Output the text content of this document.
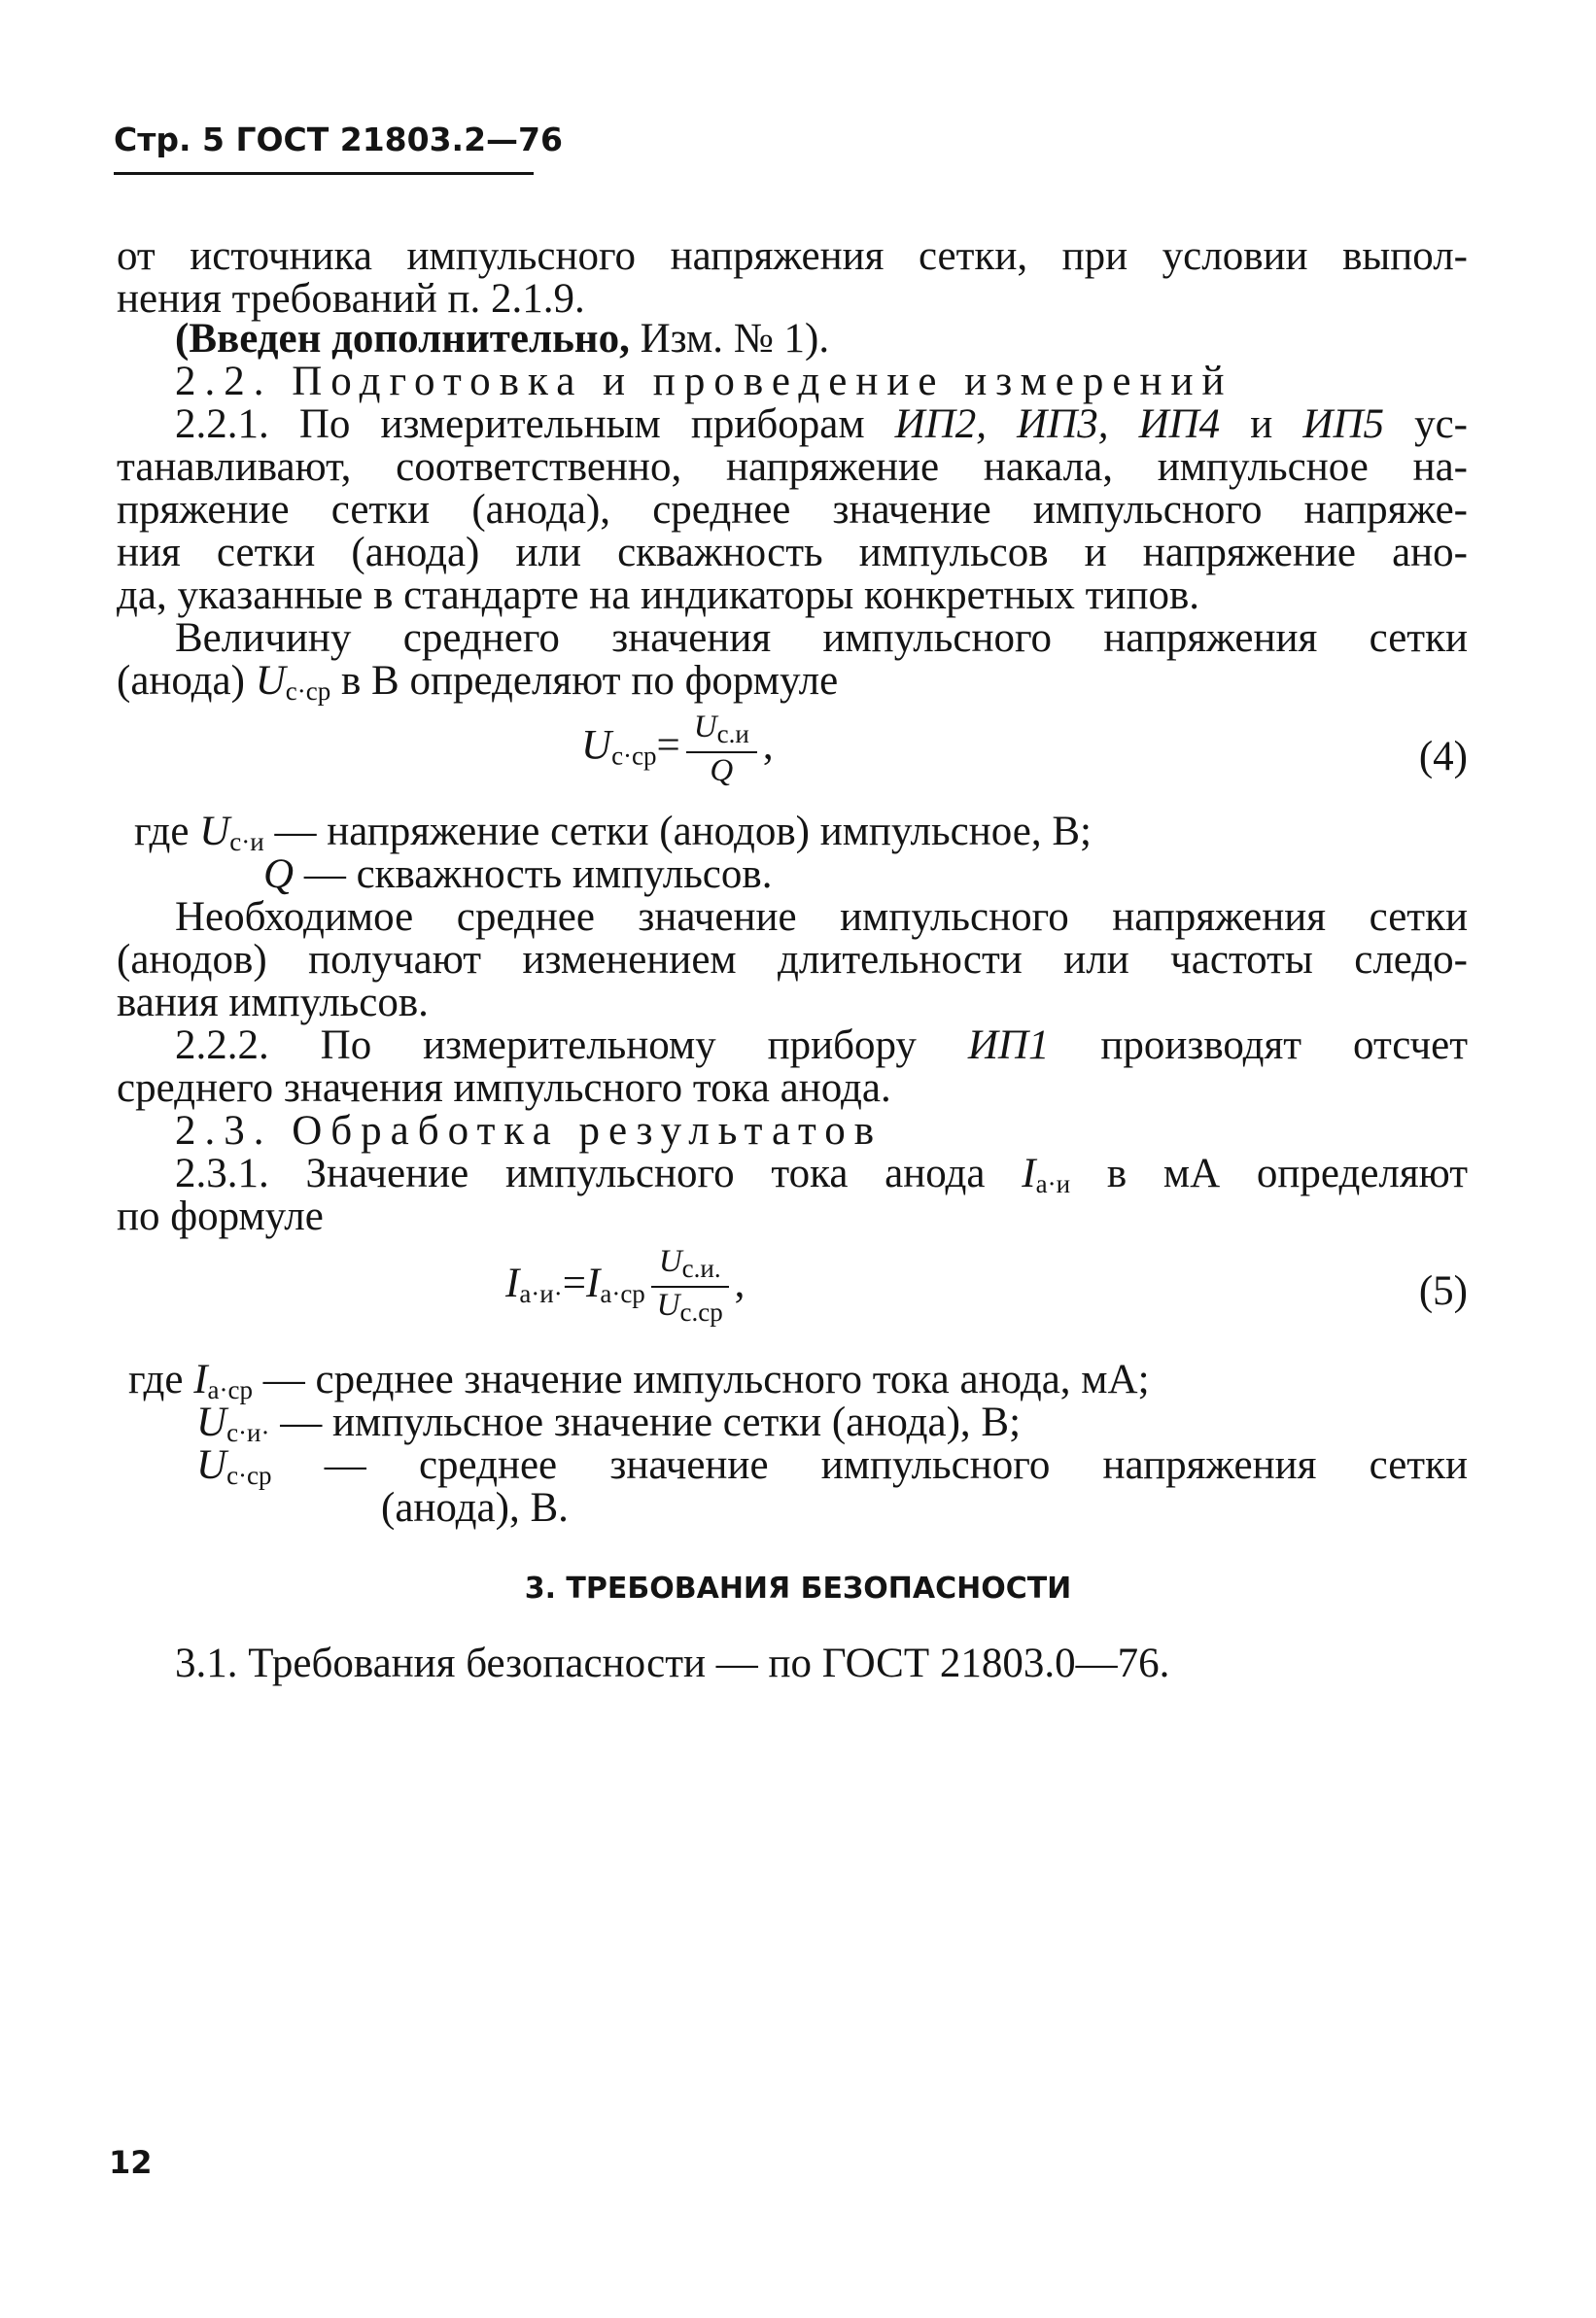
Стр. 5 ГОСТ 21803.2—76
от источника импульсного напряжения сетки, при условии выпол-
нения требований п. 2.1.9.
(Введен дополнительно, Изм. № 1).
2.2. Подготовка и проведение измерений
2.2.1. По измерительным приборам ИП2, ИП3, ИП4 и ИП5 ус-
танавливают, соответственно, напряжение накала, импульсное на-
пряжение сетки (анода), среднее значение импульсного напряже-
ния сетки (анода) или скважность импульсов и напряжение ано-
да, указанные в стандарте на индикаторы конкретных типов.
Величину среднего значения импульсного напряжения сетки
(анода) $U_{с\cdot ср}$ в В определяют по формуле
$U_{с\cdot ср}= \frac{U_{с.и}}{Q}$ ,	(4)
где $U_{с\cdot и}$ — напряжение сетки (анодов) импульсное, В;
Q — скважность импульсов.
Необходимое среднее значение импульсного напряжения сетки
(анодов) получают изменением длительности или частоты следо-
вания импульсов.
2.2.2. По измерительному прибору ИП1 производят отсчет
среднего значения импульсного тока анода.
2.3. Обработка результатов
2.3.1. Значение импульсного тока анода $I_{а\cdot и}$ в мА определяют
по формуле
$I_{а\cdot и\cdot}=I_{а\cdot ср} \frac{U_{с.и.}}{U_{с.ср}}$ ,	(5)
где $I_{а\cdot ср}$ — среднее значение импульсного тока анода, мА;
$U_{с\cdot и\cdot}$ — импульсное значение сетки (анода), В;
$U_{с\cdot ср}$ — среднее значение импульсного напряжения сетки
(анода), В.
3. ТРЕБОВАНИЯ БЕЗОПАСНОСТИ
3.1. Требования безопасности — по ГОСТ 21803.0—76.
12
